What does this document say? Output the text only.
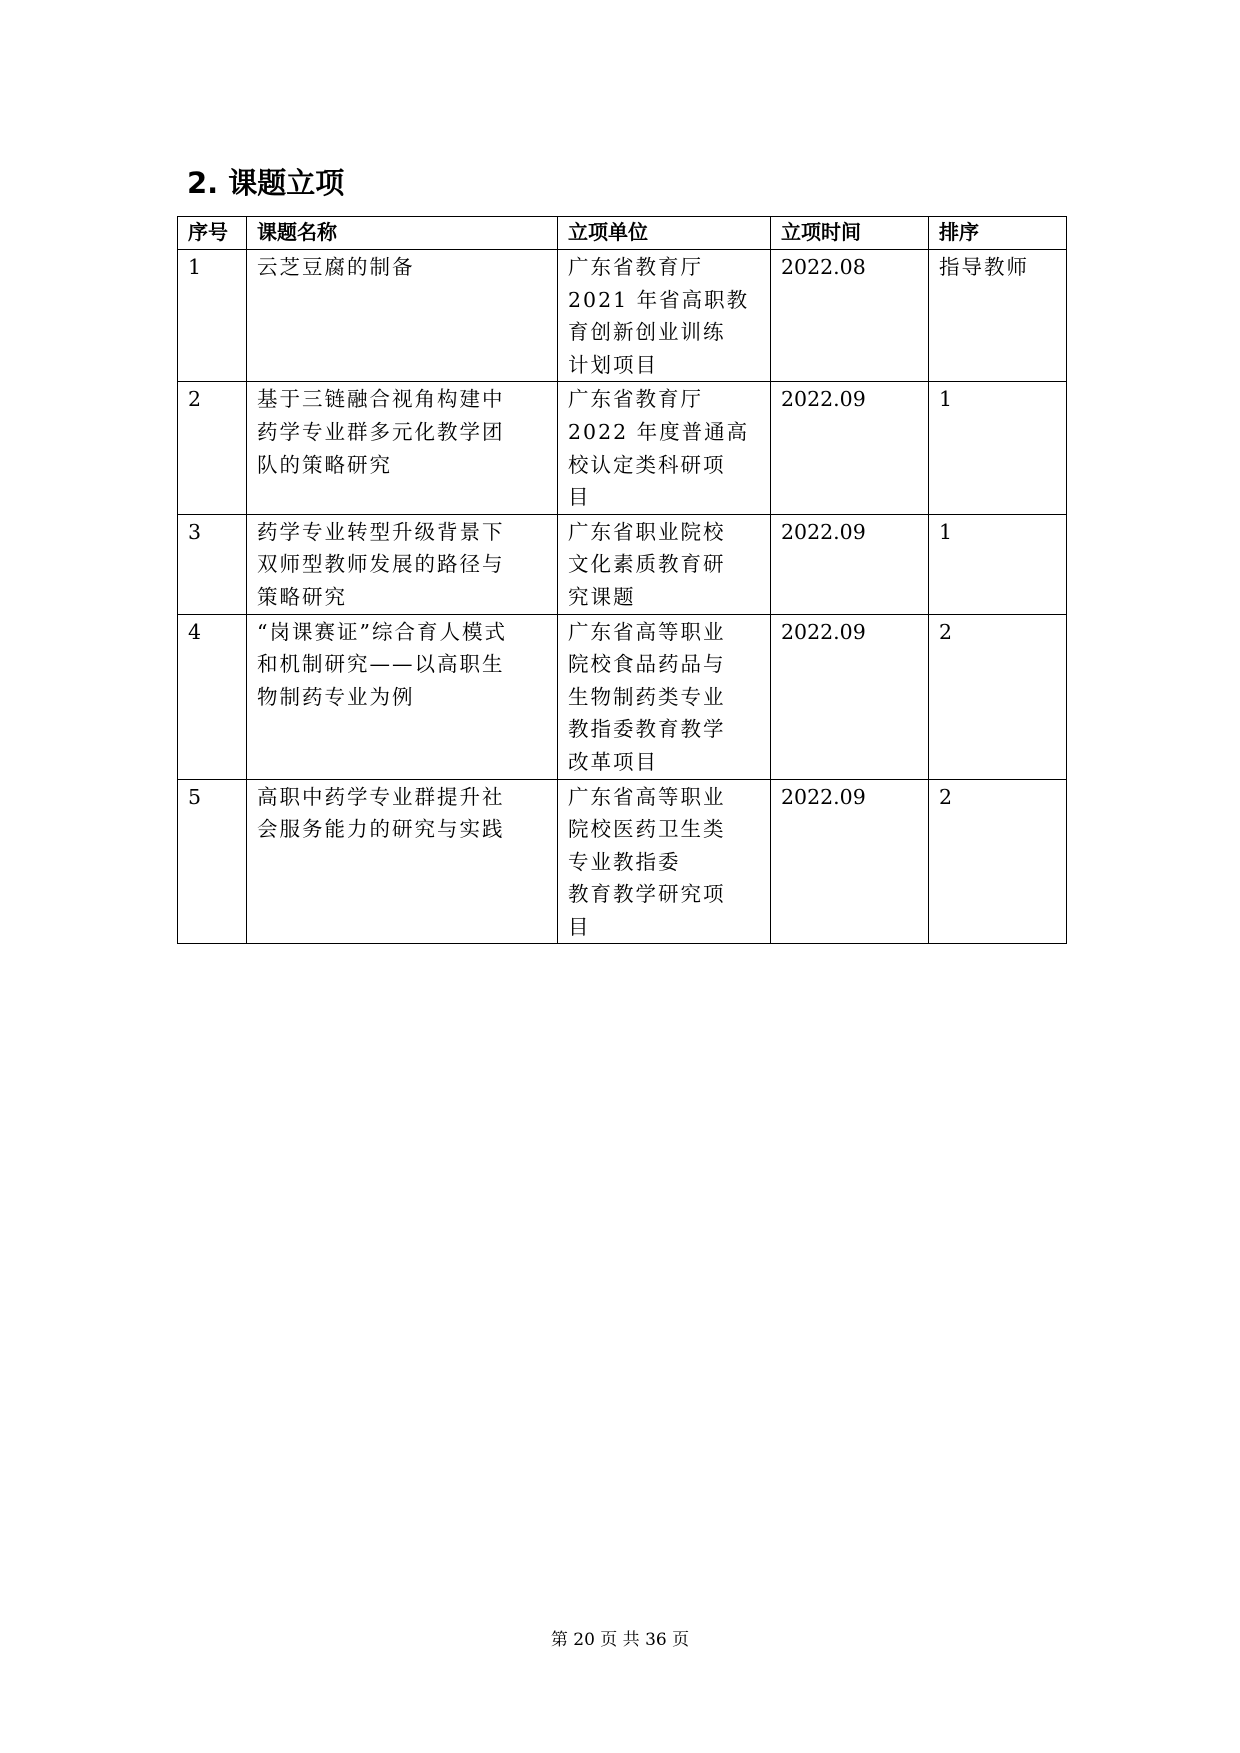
2. 课题立项
序号	课题名称	立项单位	立项时间	排序
1	云芝豆腐的制备	广东省教育厅
2021 年省高职教
育创新创业训练
计划项目	2022.08	指导教师
2	基于三链融合视角构建中
药学专业群多元化教学团
队的策略研究	广东省教育厅
2022 年度普通高
校认定类科研项
目	2022.09	1
3	药学专业转型升级背景下
双师型教师发展的路径与
策略研究	广东省职业院校
文化素质教育研
究课题	2022.09	1
4	“岗课赛证”综合育人模式
和机制研究——以高职生
物制药专业为例	广东省高等职业
院校食品药品与
生物制药类专业
教指委教育教学
改革项目	2022.09	2
5	高职中药学专业群提升社
会服务能力的研究与实践	广东省高等职业
院校医药卫生类
专业教指委
教育教学研究项
目	2022.09	2
第 20 页 共 36 页
